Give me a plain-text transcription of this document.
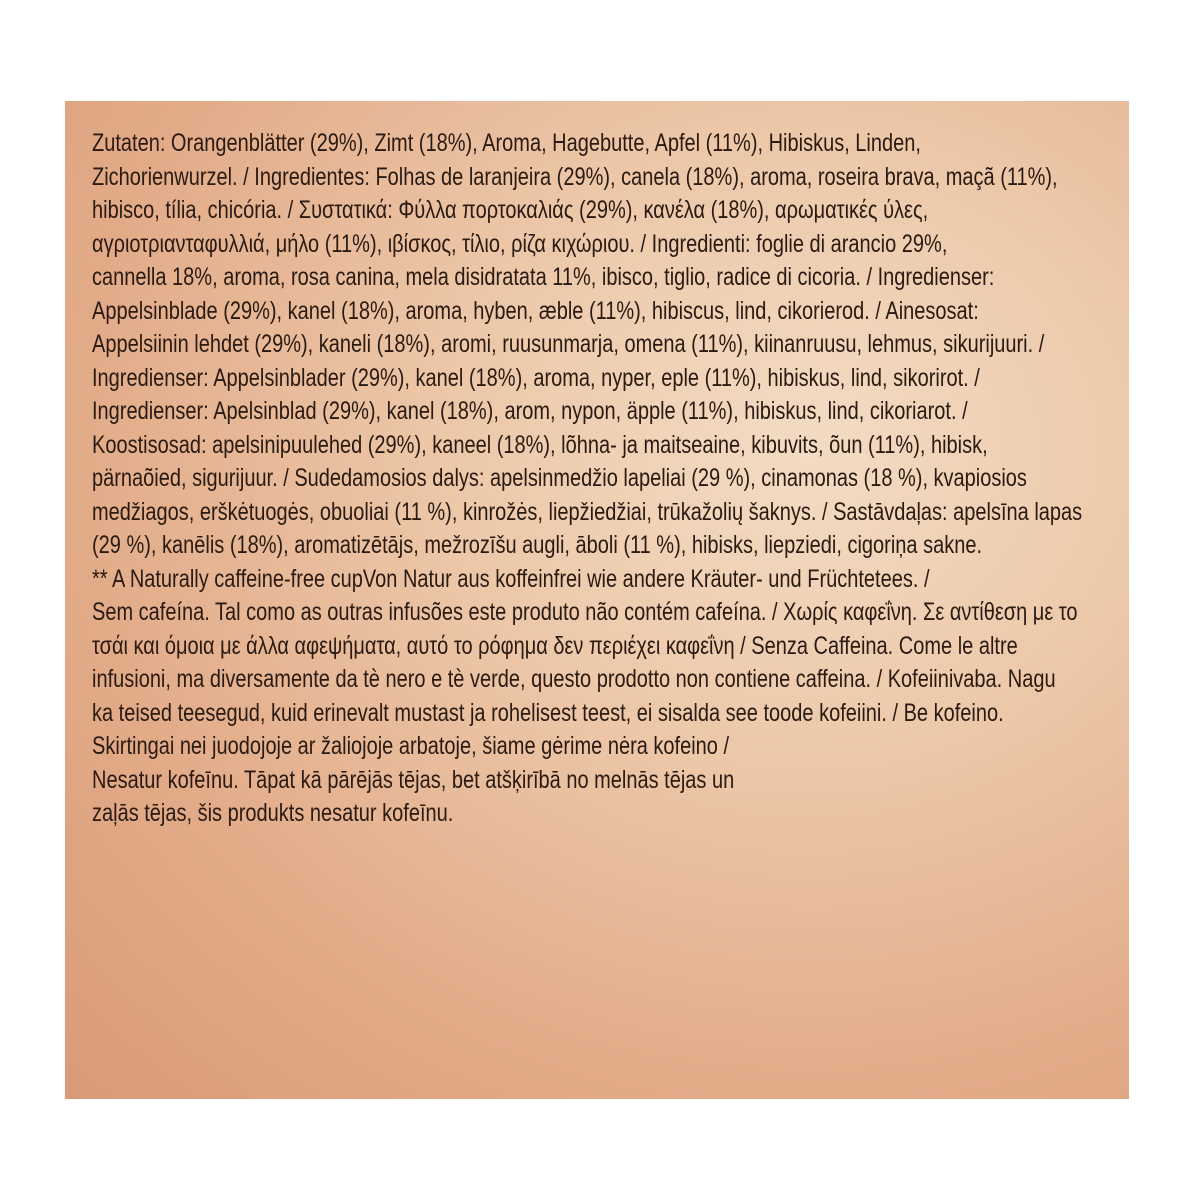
Zutaten: Orangenblätter (29%), Zimt (18%), Aroma, Hagebutte, Apfel (11%), Hibiskus, Linden,
Zichorienwurzel. / Ingredientes: Folhas de laranjeira (29%), canela (18%), aroma, roseira brava, maçã (11%),
hibisco, tília, chicória. / Συστατικά: Φύλλα πορτοκαλιάς (29%), κανέλα (18%), αρωματικές ύλες,
αγριοτριανταφυλλιά, μήλο (11%), ιβίσκος, τίλιο, ρίζα κιχώριου. / Ingredienti: foglie di arancio 29%,
cannella 18%, aroma, rosa canina, mela disidratata 11%, ibisco, tiglio, radice di cicoria. / Ingredienser:
Appelsinblade (29%), kanel (18%), aroma, hyben, æble (11%), hibiscus, lind, cikorierod. / Ainesosat:
Appelsiinin lehdet (29%), kaneli (18%), aromi, ruusunmarja, omena (11%), kiinanruusu, lehmus, sikurijuuri. /
Ingredienser: Appelsinblader (29%), kanel (18%), aroma, nyper, eple (11%), hibiskus, lind, sikorirot. /
Ingredienser: Apelsinblad (29%), kanel (18%), arom, nypon, äpple (11%), hibiskus, lind, cikoriarot. /
Koostisosad: apelsinipuulehed (29%), kaneel (18%), lõhna- ja maitseaine, kibuvits, õun (11%), hibisk,
pärnaõied, sigurijuur. / Sudedamosios dalys: apelsinmedžio lapeliai (29 %), cinamonas (18 %), kvapiosios
medžiagos, erškėtuogės, obuoliai (11 %), kinrožės, liepžiedžiai, trūkažolių šaknys. / Sastāvdaļas: apelsīna lapas
(29 %), kanēlis (18%), aromatizētājs, mežrozīšu augli, āboli (11 %), hibisks, liepziedi, cigoriņa sakne.
** A Naturally caffeine-free cupVon Natur aus koffeinfrei wie andere Kräuter- und Früchtetees. /
Sem cafeína. Tal como as outras infusões este produto não contém cafeína. / Χωρίς καφεΐνη. Σε αντίθεση με το
τσάι και όμοια με άλλα αφεψήματα, αυτό το ρόφημα δεν περιέχει καφεΐνη / Senza Caffeina. Come le altre
infusioni, ma diversamente da tè nero e tè verde, questo prodotto non contiene caffeina. / Kofeiinivaba. Nagu
ka teised teesegud, kuid erinevalt mustast ja rohelisest teest, ei sisalda see toode kofeiini. / Be kofeino.
Skirtingai nei juodojoje ar žaliojoje arbatoje, šiame gėrime nėra kofeino /
Nesatur kofeīnu. Tāpat kā pārējās tējas, bet atšķirībā no melnās tējas un
zaļās tējas, šis produkts nesatur kofeīnu.
